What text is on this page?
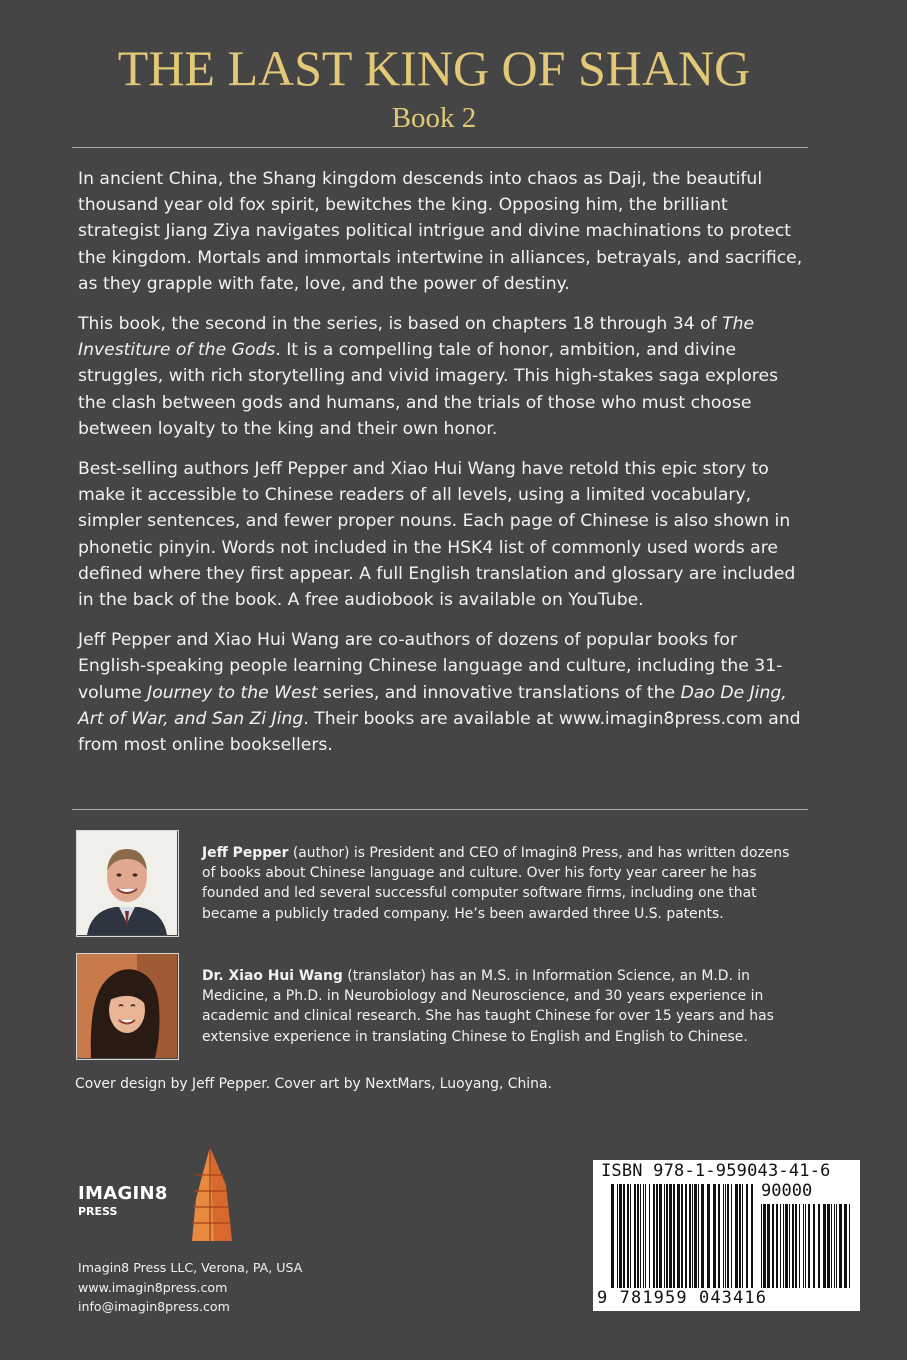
THE LAST KING OF SHANG
Book 2

In ancient China, the Shang kingdom descends into chaos as Daji, the beautiful thousand year old fox spirit, bewitches the king. Opposing him, the brilliant strategist Jiang Ziya navigates political intrigue and divine machinations to protect the kingdom. Mortals and immortals intertwine in alliances, betrayals, and sacrifice, as they grapple with fate, love, and the power of destiny.

This book, the second in the series, is based on chapters 18 through 34 of The Investiture of the Gods. It is a compelling tale of honor, ambition, and divine struggles, with rich storytelling and vivid imagery. This high-stakes saga explores the clash between gods and humans, and the trials of those who must choose between loyalty to the king and their own honor.

Best-selling authors Jeff Pepper and Xiao Hui Wang have retold this epic story to make it accessible to Chinese readers of all levels, using a limited vocabulary, simpler sentences, and fewer proper nouns. Each page of Chinese is also shown in phonetic pinyin. Words not included in the HSK4 list of commonly used words are defined where they first appear. A full English translation and glossary are included in the back of the book. A free audiobook is available on YouTube.

Jeff Pepper and Xiao Hui Wang are co-authors of dozens of popular books for English-speaking people learning Chinese language and culture, including the 31-volume Journey to the West series, and innovative translations of the Dao De Jing, Art of War, and San Zi Jing. Their books are available at www.imagin8press.com and from most online booksellers.

Jeff Pepper (author) is President and CEO of Imagin8 Press, and has written dozens of books about Chinese language and culture. Over his forty year career he has founded and led several successful computer software firms, including one that became a publicly traded company. He’s been awarded three U.S. patents.
Dr. Xiao Hui Wang (translator) has an M.S. in Information Science, an M.D. in Medicine, a Ph.D. in Neurobiology and Neuroscience, and 30 years experience in academic and clinical research. She has taught Chinese for over 15 years and has extensive experience in translating Chinese to English and English to Chinese.
Cover design by Jeff Pepper. Cover art by NextMars, Luoyang, China.
IMAGIN8
PRESS
Imagin8 Press LLC, Verona, PA, USA
www.imagin8press.com
info@imagin8press.com
ISBN 978-1-959043-41-6
90000
9 781959 043416
